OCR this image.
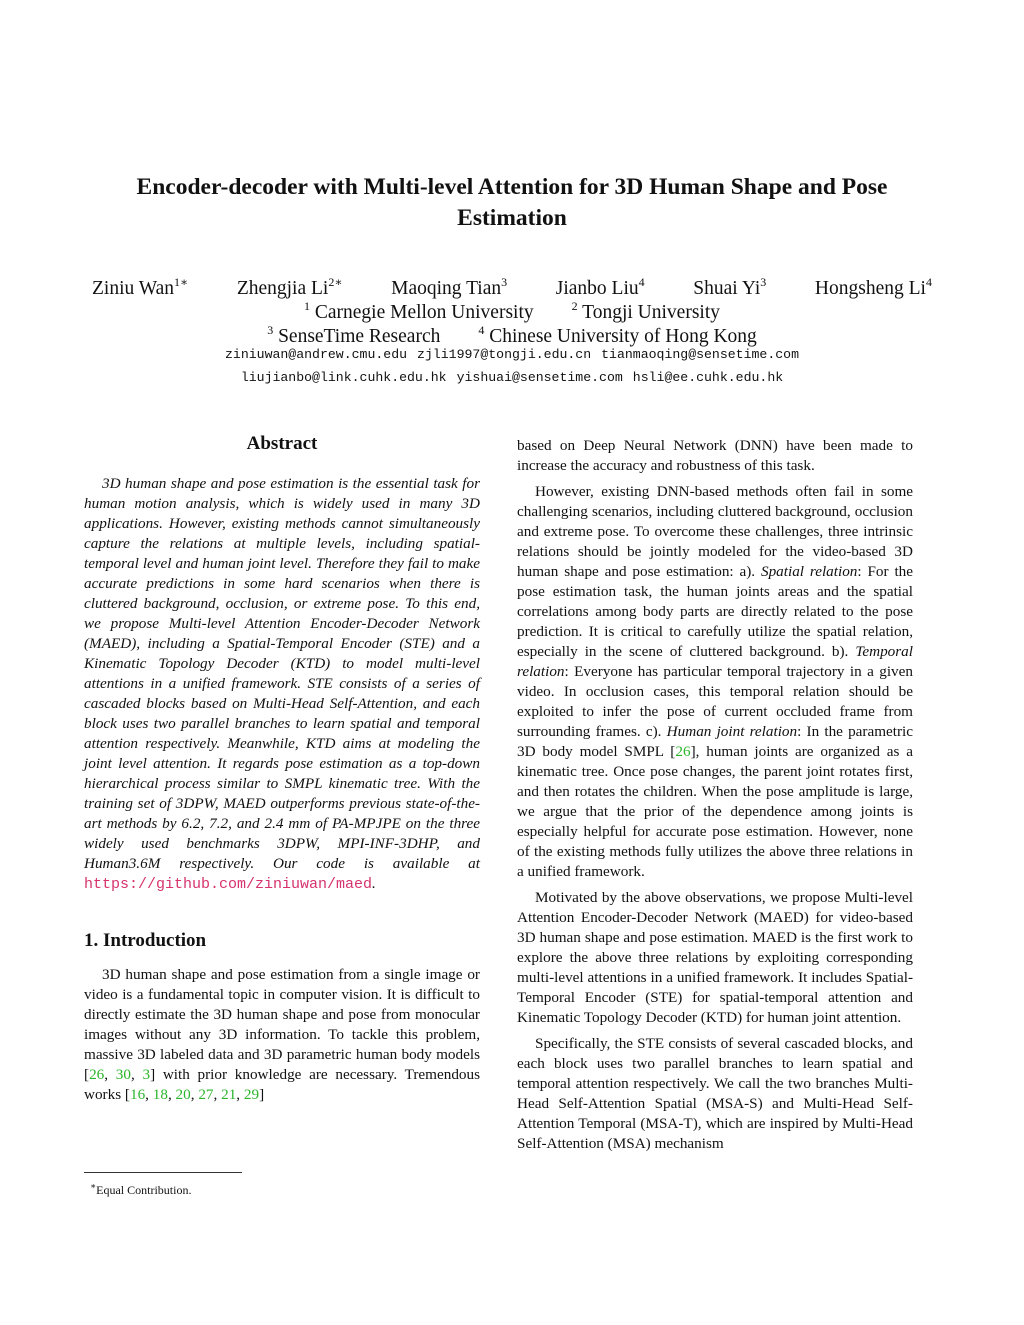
Encoder-decoder with Multi-level Attention for 3D Human Shape and Pose Estimation
Ziniu Wan$^{1∗}$ Zhengjia $Li^{2∗}$ Maoqing Tian$^3$ Jianbo Liu$^4$ Shuai Yi$^3$ Hongsheng Li$^4$
$^1$ Carnegie Mellon University	$^2$ Tongji University
$^3$ SenseTime Research	$^4$ Chinese University of Hong Kong
ziniuwan@andrew.cmu.edu zjli1997@tongji.edu.cn tianmaoqing@sensetime.com
liujianbo@link.cuhk.edu.hk yishuai@sensetime.com hsli@ee.cuhk.edu.hk
Abstract

3D human shape and pose estimation is the essential task for human motion analysis, which is widely used in many 3D applications. However, existing methods cannot simultaneously capture the relations at multiple levels, including spatial-temporal level and human joint level. Therefore they fail to make accurate predictions in some hard scenarios when there is cluttered background, occlusion, or extreme pose. To this end, we propose Multi-level Attention Encoder-Decoder Network (MAED), including a Spatial-Temporal Encoder (STE) and a Kinematic Topology Decoder (KTD) to model multi-level attentions in a unified framework. STE consists of a series of cascaded blocks based on Multi-Head Self-Attention, and each block uses two parallel branches to learn spatial and temporal attention respectively. Meanwhile, KTD aims at modeling the joint level attention. It regards pose estimation as a top-down hierarchical process similar to SMPL kinematic tree. With the training set of 3DPW, MAED outperforms previous state-of-the-art methods by 6.2, 7.2, and 2.4 mm of PA-MPJPE on the three widely used benchmarks 3DPW, MPI-INF-3DHP, and Human3.6M respectively. Our code is available at https://github.com/ziniuwan/maed.

1. Introduction

3D human shape and pose estimation from a single image or video is a fundamental topic in computer vision. It is difficult to directly estimate the 3D human shape and pose from monocular images without any 3D information. To tackle this problem, massive 3D labeled data and 3D parametric human body models [26, 30, 3] with prior knowledge are necessary. Tremendous works [16, 18, 20, 27, 21, 29]

based on Deep Neural Network (DNN) have been made to increase the accuracy and robustness of this task.

However, existing DNN-based methods often fail in some challenging scenarios, including cluttered background, occlusion and extreme pose. To overcome these challenges, three intrinsic relations should be jointly modeled for the video-based 3D human shape and pose estimation: a). Spatial relation: For the pose estimation task, the human joints areas and the spatial correlations among body parts are directly related to the pose prediction. It is critical to carefully utilize the spatial relation, especially in the scene of cluttered background. b). Temporal relation: Everyone has particular temporal trajectory in a given video. In occlusion cases, this temporal relation should be exploited to infer the pose of current occluded frame from surrounding frames. c). Human joint relation: In the parametric 3D body model SMPL [26], human joints are organized as a kinematic tree. Once pose changes, the parent joint rotates first, and then rotates the children. When the pose amplitude is large, we argue that the prior of the dependence among joints is especially helpful for accurate pose estimation. However, none of the existing methods fully utilizes the above three relations in a unified framework.

Motivated by the above observations, we propose Multi-level Attention Encoder-Decoder Network (MAED) for video-based 3D human shape and pose estimation. MAED is the first work to explore the above three relations by exploiting corresponding multi-level attentions in a unified framework. It includes Spatial-Temporal Encoder (STE) for spatial-temporal attention and Kinematic Topology Decoder (KTD) for human joint attention.

Specifically, the STE consists of several cascaded blocks, and each block uses two parallel branches to learn spatial and temporal attention respectively. We call the two branches Multi-Head Self-Attention Spatial (MSA-S) and Multi-Head Self-Attention Temporal (MSA-T), which are inspired by Multi-Head Self-Attention (MSA) mechanism

∗Equal Contribution.
